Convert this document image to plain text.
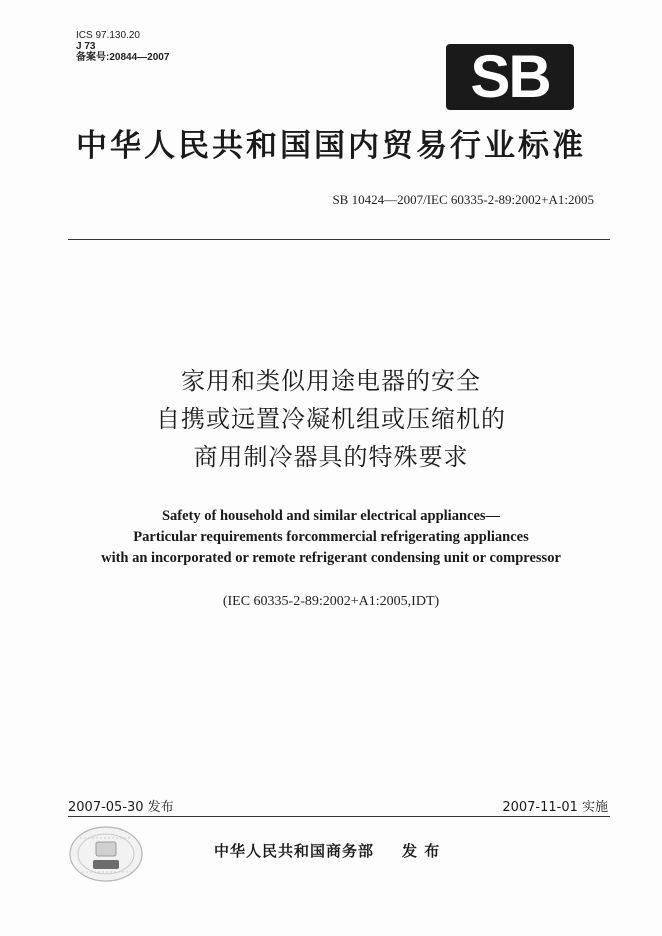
ICS 97.130.20
J 73
备案号:20844—2007	SB
中华人民共和国国内贸易行业标准
SB 10424—2007/IEC 60335-2-89:2002+A1:2005
家用和类似用途电器的安全
自携或远置冷凝机组或压缩机的
商用制冷器具的特殊要求
Safety of household and similar electrical appliances—
Particular requirements forcommercial refrigerating appliances
with an incorporated or remote refrigerant condensing unit or compressor
(IEC 60335-2-89:2002+A1:2005,IDT)
2007-05-30 发布	2007-11-01 实施
中华人民共和国商务部 发 布
